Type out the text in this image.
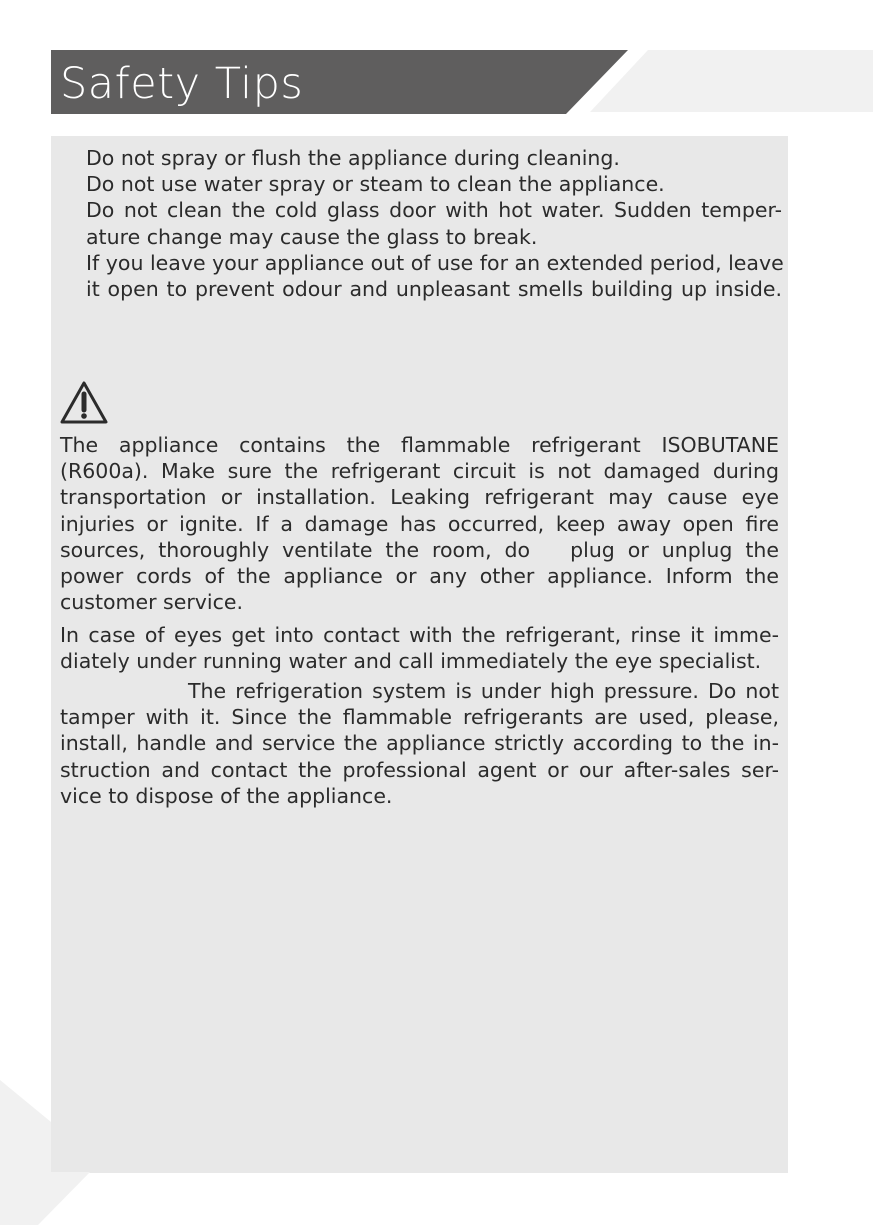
Safety Tips
Do not spray or flush the appliance during cleaning.
Do not use water spray or steam to clean the appliance.
Do not clean the cold glass door with hot water. Sudden temper-
ature change may cause the glass to break.
If you leave your appliance out of use for an extended period, leave
it open to prevent odour and unpleasant smells building up inside.
The appliance contains the flammable refrigerant ISOBUTANE
(R600a). Make sure the refrigerant circuit is not damaged during
transportation or installation. Leaking refrigerant may cause eye
injuries or ignite. If a damage has occurred, keep away open fire
sources, thoroughly ventilate the room, do plug or unplug the
power cords of the appliance or any other appliance. Inform the
customer service.
In case of eyes get into contact with the refrigerant, rinse it imme-
diately under running water and call immediately the eye specialist.
The refrigeration system is under high pressure. Do not
tamper with it. Since the flammable refrigerants are used, please,
install, handle and service the appliance strictly according to the in-
struction and contact the professional agent or our after-sales ser-
vice to dispose of the appliance.
